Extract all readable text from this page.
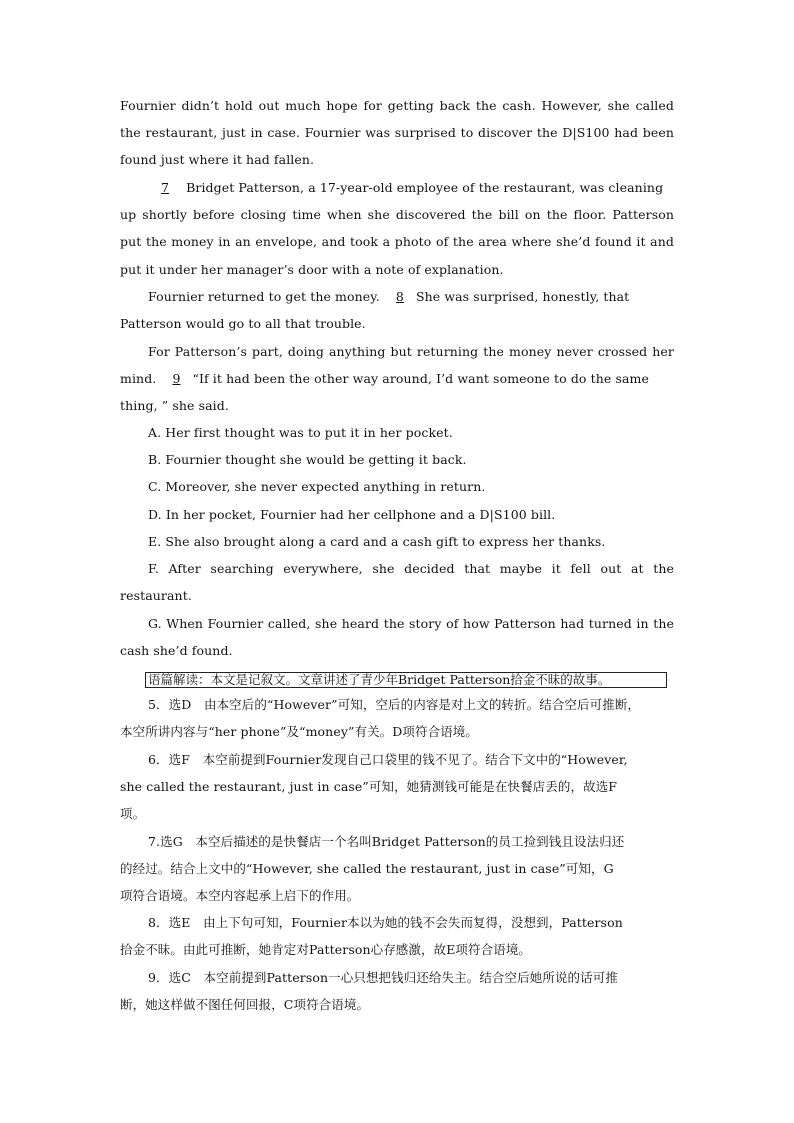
Fournier didn’t hold out much hope for getting back the cash. However, she called
the restaurant, just in case. Fournier was surprised to discover the D|S100 had been
found just where it had fallen.
7 Bridget Patterson, a 17-year-old employee of the restaurant, was cleaning
up shortly before closing time when she discovered the bill on the floor. Patterson
put the money in an envelope, and took a photo of the area where she’d found it and
put it under her manager’s door with a note of explanation.
Fournier returned to get the money. 8 She was surprised, honestly, that
Patterson would go to all that trouble.
For Patterson’s part, doing anything but returning the money never crossed her
mind. 9 “If it had been the other way around, I’d want someone to do the same
thing, ” she said.
A. Her first thought was to put it in her pocket.
B. Fournier thought she would be getting it back.
C. Moreover, she never expected anything in return.
D. In her pocket, Fournier had her cellphone and a D|S100 bill.
E. She also brought along a card and a cash gift to express her thanks.
F. After searching everywhere, she decided that maybe it fell out at the
restaurant.
G. When Fournier called, she heard the story of how Patterson had turned in the
cash she’d found.
语篇解读：本文是记叙文。文章讲述了青少年Bridget Patterson拾金不昧的故事。
5．选D　由本空后的“However”可知，空后的内容是对上文的转折。结合空后可推断，
本空所讲内容与“her phone”及“money”有关。D项符合语境。
6．选F　本空前提到Fournier发现自己口袋里的钱不见了。结合下文中的“However,
she called the restaurant, just in case”可知，她猜测钱可能是在快餐店丢的，故选F
项。
7.选G　本空后描述的是快餐店一个名叫Bridget Patterson的员工捡到钱且设法归还
的经过。结合上文中的“However, she called the restaurant, just in case”可知，G
项符合语境。本空内容起承上启下的作用。
8．选E　由上下句可知，Fournier本以为她的钱不会失而复得，没想到，Patterson
拾金不昧。由此可推断，她肯定对Patterson心存感激，故E项符合语境。
9．选C　本空前提到Patterson一心只想把钱归还给失主。结合空后她所说的话可推
断，她这样做不图任何回报，C项符合语境。
